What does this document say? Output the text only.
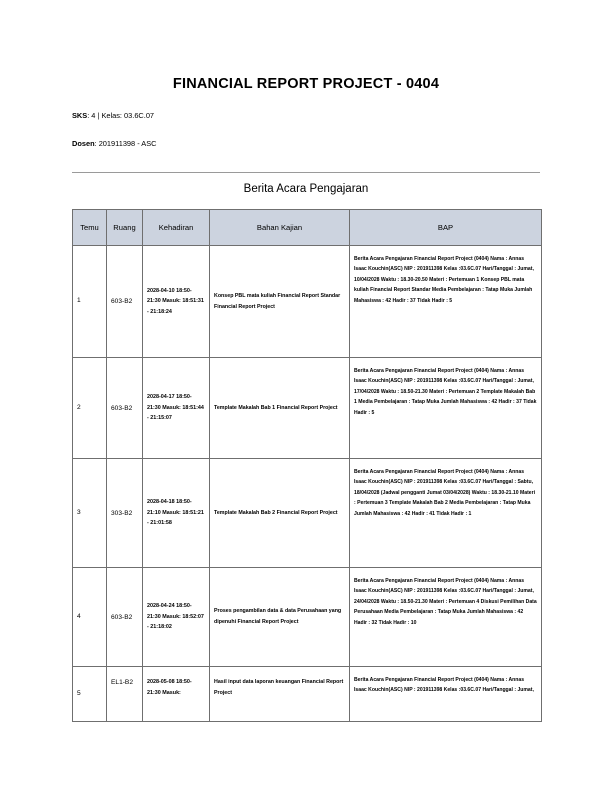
FINANCIAL REPORT PROJECT - 0404
SKS: 4 | Kelas: 03.6C.07
Dosen: 201911398 - ASC
Berita Acara Pengajaran
Temu	Ruang	Kehadiran	Bahan Kajian	BAP
1	603-B2	2028-04-10 18:50-21:30 Masuk: 18:51:31 - 21:18:24	Konsep PBL mata kuliah Financial Report Standar Financial Report Project	Berita Acara Pengajaran Financial Report Project (0404) Nama : Annas Isaac Kouchin(ASC) NIP : 201911398 Kelas :03.6C.07 Hari/Tanggal : Jumat, 10/04/2028 Waktu : 18.30-20.50 Materi : Pertemuan 1 Konsep PBL mata kuliah Financial Report Standar Media Pembelajaran : Tatap Muka Jumlah Mahasiswa : 42 Hadir : 37 Tidak Hadir : 5
2	603-B2	2028-04-17 18:50-21:30 Masuk: 18:51:44 - 21:15:07	Template Makalah Bab 1 Financial Report Project	Berita Acara Pengajaran Financial Report Project (0404) Nama : Annas Isaac Kouchin(ASC) NIP : 201911398 Kelas :03.6C.07 Hari/Tanggal : Jumat, 17/04/2028 Waktu : 18.50-21.30 Materi : Pertemuan 2 Template Makalah Bab 1 Media Pembelajaran : Tatap Muka Jumlah Mahasiswa : 42 Hadir : 37 Tidak Hadir : 5
3	303-B2	2028-04-18 18:50-21:10 Masuk: 18:51:21 - 21:01:58	Template Makalah Bab 2 Financial Report Project	Berita Acara Pengajaran Financial Report Project (0404) Nama : Annas Isaac Kouchin(ASC) NIP : 201911398 Kelas :03.6C.07 Hari/Tanggal : Sabtu, 18/04/2028 (Jadwal pengganti Jumat 03/04/2028) Waktu : 18.30-21.10 Materi : Pertemuan 3 Template Makalah Bab 2 Media Pembelajaran : Tatap Muka Jumlah Mahasiswa : 42 Hadir : 41 Tidak Hadir : 1
4	603-B2	2028-04-24 18:50-21:30 Masuk: 18:52:07 - 21:18:02	Proses pengambilan data & data Perusahaan yang dipenuhi Financial Report Project	Berita Acara Pengajaran Financial Report Project (0404) Nama : Annas Isaac Kouchin(ASC) NIP : 201911398 Kelas :03.6C.07 Hari/Tanggal : Jumat, 24/04/2028 Waktu : 18.50-21.30 Materi : Pertemuan 4 Diskusi Pemilihan Data Perusahaan Media Pembelajaran : Tatap Muka Jumlah Mahasiswa : 42 Hadir : 32 Tidak Hadir : 10
5	EL1-B2	2028-05-08 18:50-21:30 Masuk:	Hasil input data laporan keuangan Financial Report Project	Berita Acara Pengajaran Financial Report Project (0404) Nama : Annas Isaac Kouchin(ASC) NIP : 201911398 Kelas :03.6C.07 Hari/Tanggal : Jumat,
